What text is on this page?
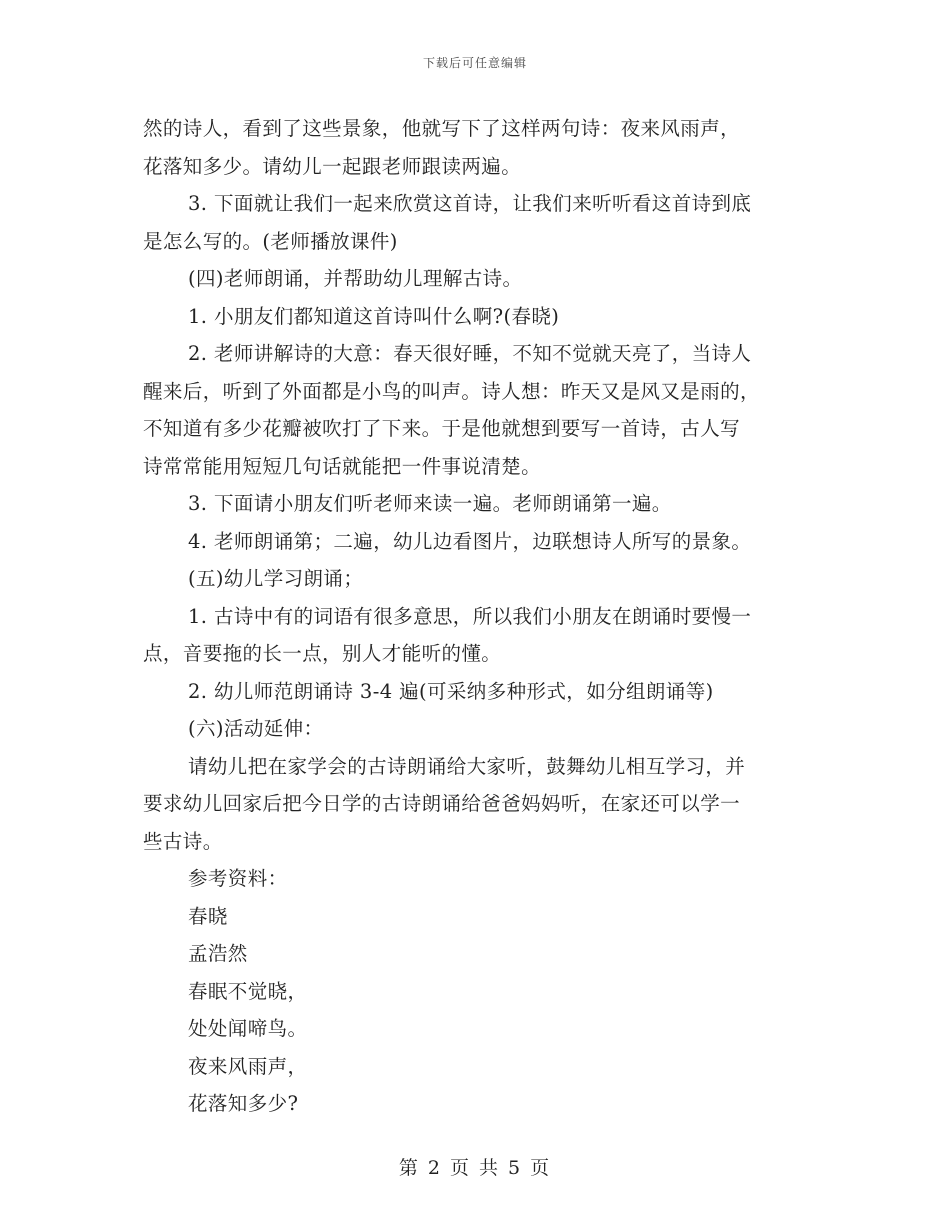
下载后可任意编辑
然的诗人，看到了这些景象，他就写下了这样两句诗：夜来风雨声，
花落知多少。请幼儿一起跟老师跟读两遍。
3. 下面就让我们一起来欣赏这首诗，让我们来听听看这首诗到底
是怎么写的。(老师播放课件)
(四)老师朗诵，并帮助幼儿理解古诗。
1. 小朋友们都知道这首诗叫什么啊?(春晓)
2. 老师讲解诗的大意：春天很好睡，不知不觉就天亮了，当诗人
醒来后，听到了外面都是小鸟的叫声。诗人想：昨天又是风又是雨的，
不知道有多少花瓣被吹打了下来。于是他就想到要写一首诗，古人写
诗常常能用短短几句话就能把一件事说清楚。
3. 下面请小朋友们听老师来读一遍。老师朗诵第一遍。
4. 老师朗诵第；二遍，幼儿边看图片，边联想诗人所写的景象。
(五)幼儿学习朗诵；
1. 古诗中有的词语有很多意思，所以我们小朋友在朗诵时要慢一
点，音要拖的长一点，别人才能听的懂。
2. 幼儿师范朗诵诗 3-4 遍(可采纳多种形式，如分组朗诵等)
(六)活动延伸：
请幼儿把在家学会的古诗朗诵给大家听，鼓舞幼儿相互学习，并
要求幼儿回家后把今日学的古诗朗诵给爸爸妈妈听，在家还可以学一
些古诗。
参考资料：
春晓
孟浩然
春眠不觉晓，
处处闻啼鸟。
夜来风雨声，
花落知多少?
第 2 页 共 5 页
